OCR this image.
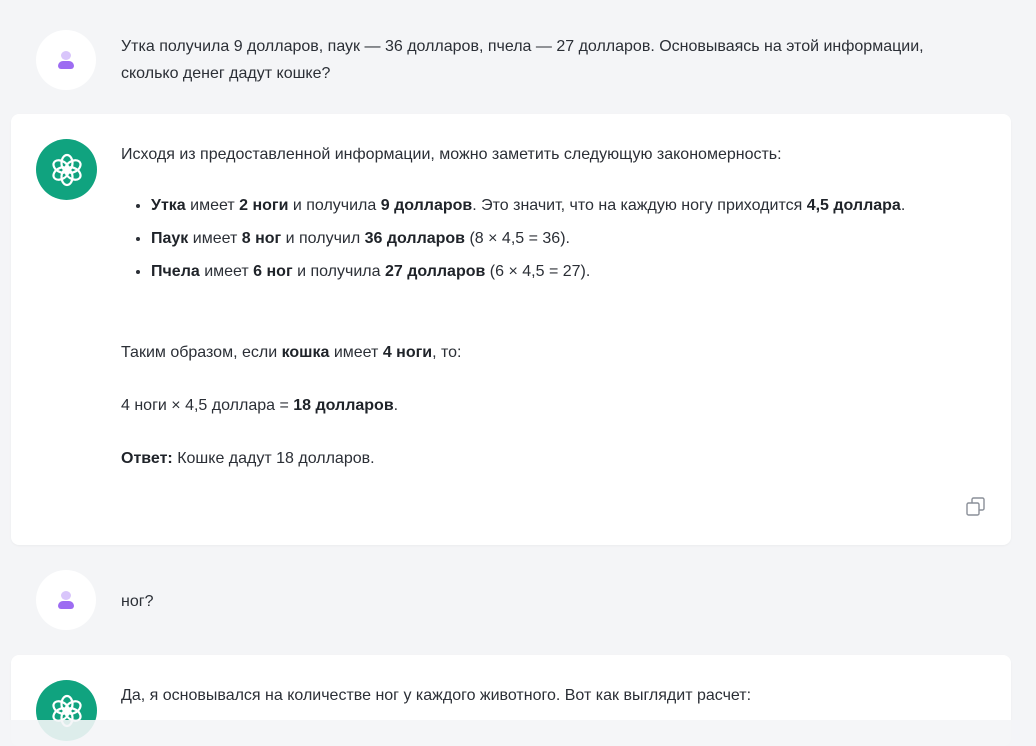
Утка получила 9 долларов, паук — 36 долларов, пчела — 27 долларов. Основываясь на этой информации, сколько денег дадут кошке?
Исходя из предоставленной информации, можно заметить следующую закономерность:
• Утка имеет 2 ноги и получила 9 долларов. Это значит, что на каждую ногу приходится 4,5 доллара.
• Паук имеет 8 ног и получил 36 долларов (8 × 4,5 = 36).
• Пчела имеет 6 ног и получила 27 долларов (6 × 4,5 = 27).
Таким образом, если кошка имеет 4 ноги, то:
4 ноги × 4,5 доллара = 18 долларов.
Ответ: Кошке дадут 18 долларов.
ног?
Да, я основывался на количестве ног у каждого животного. Вот как выглядит расчет:
